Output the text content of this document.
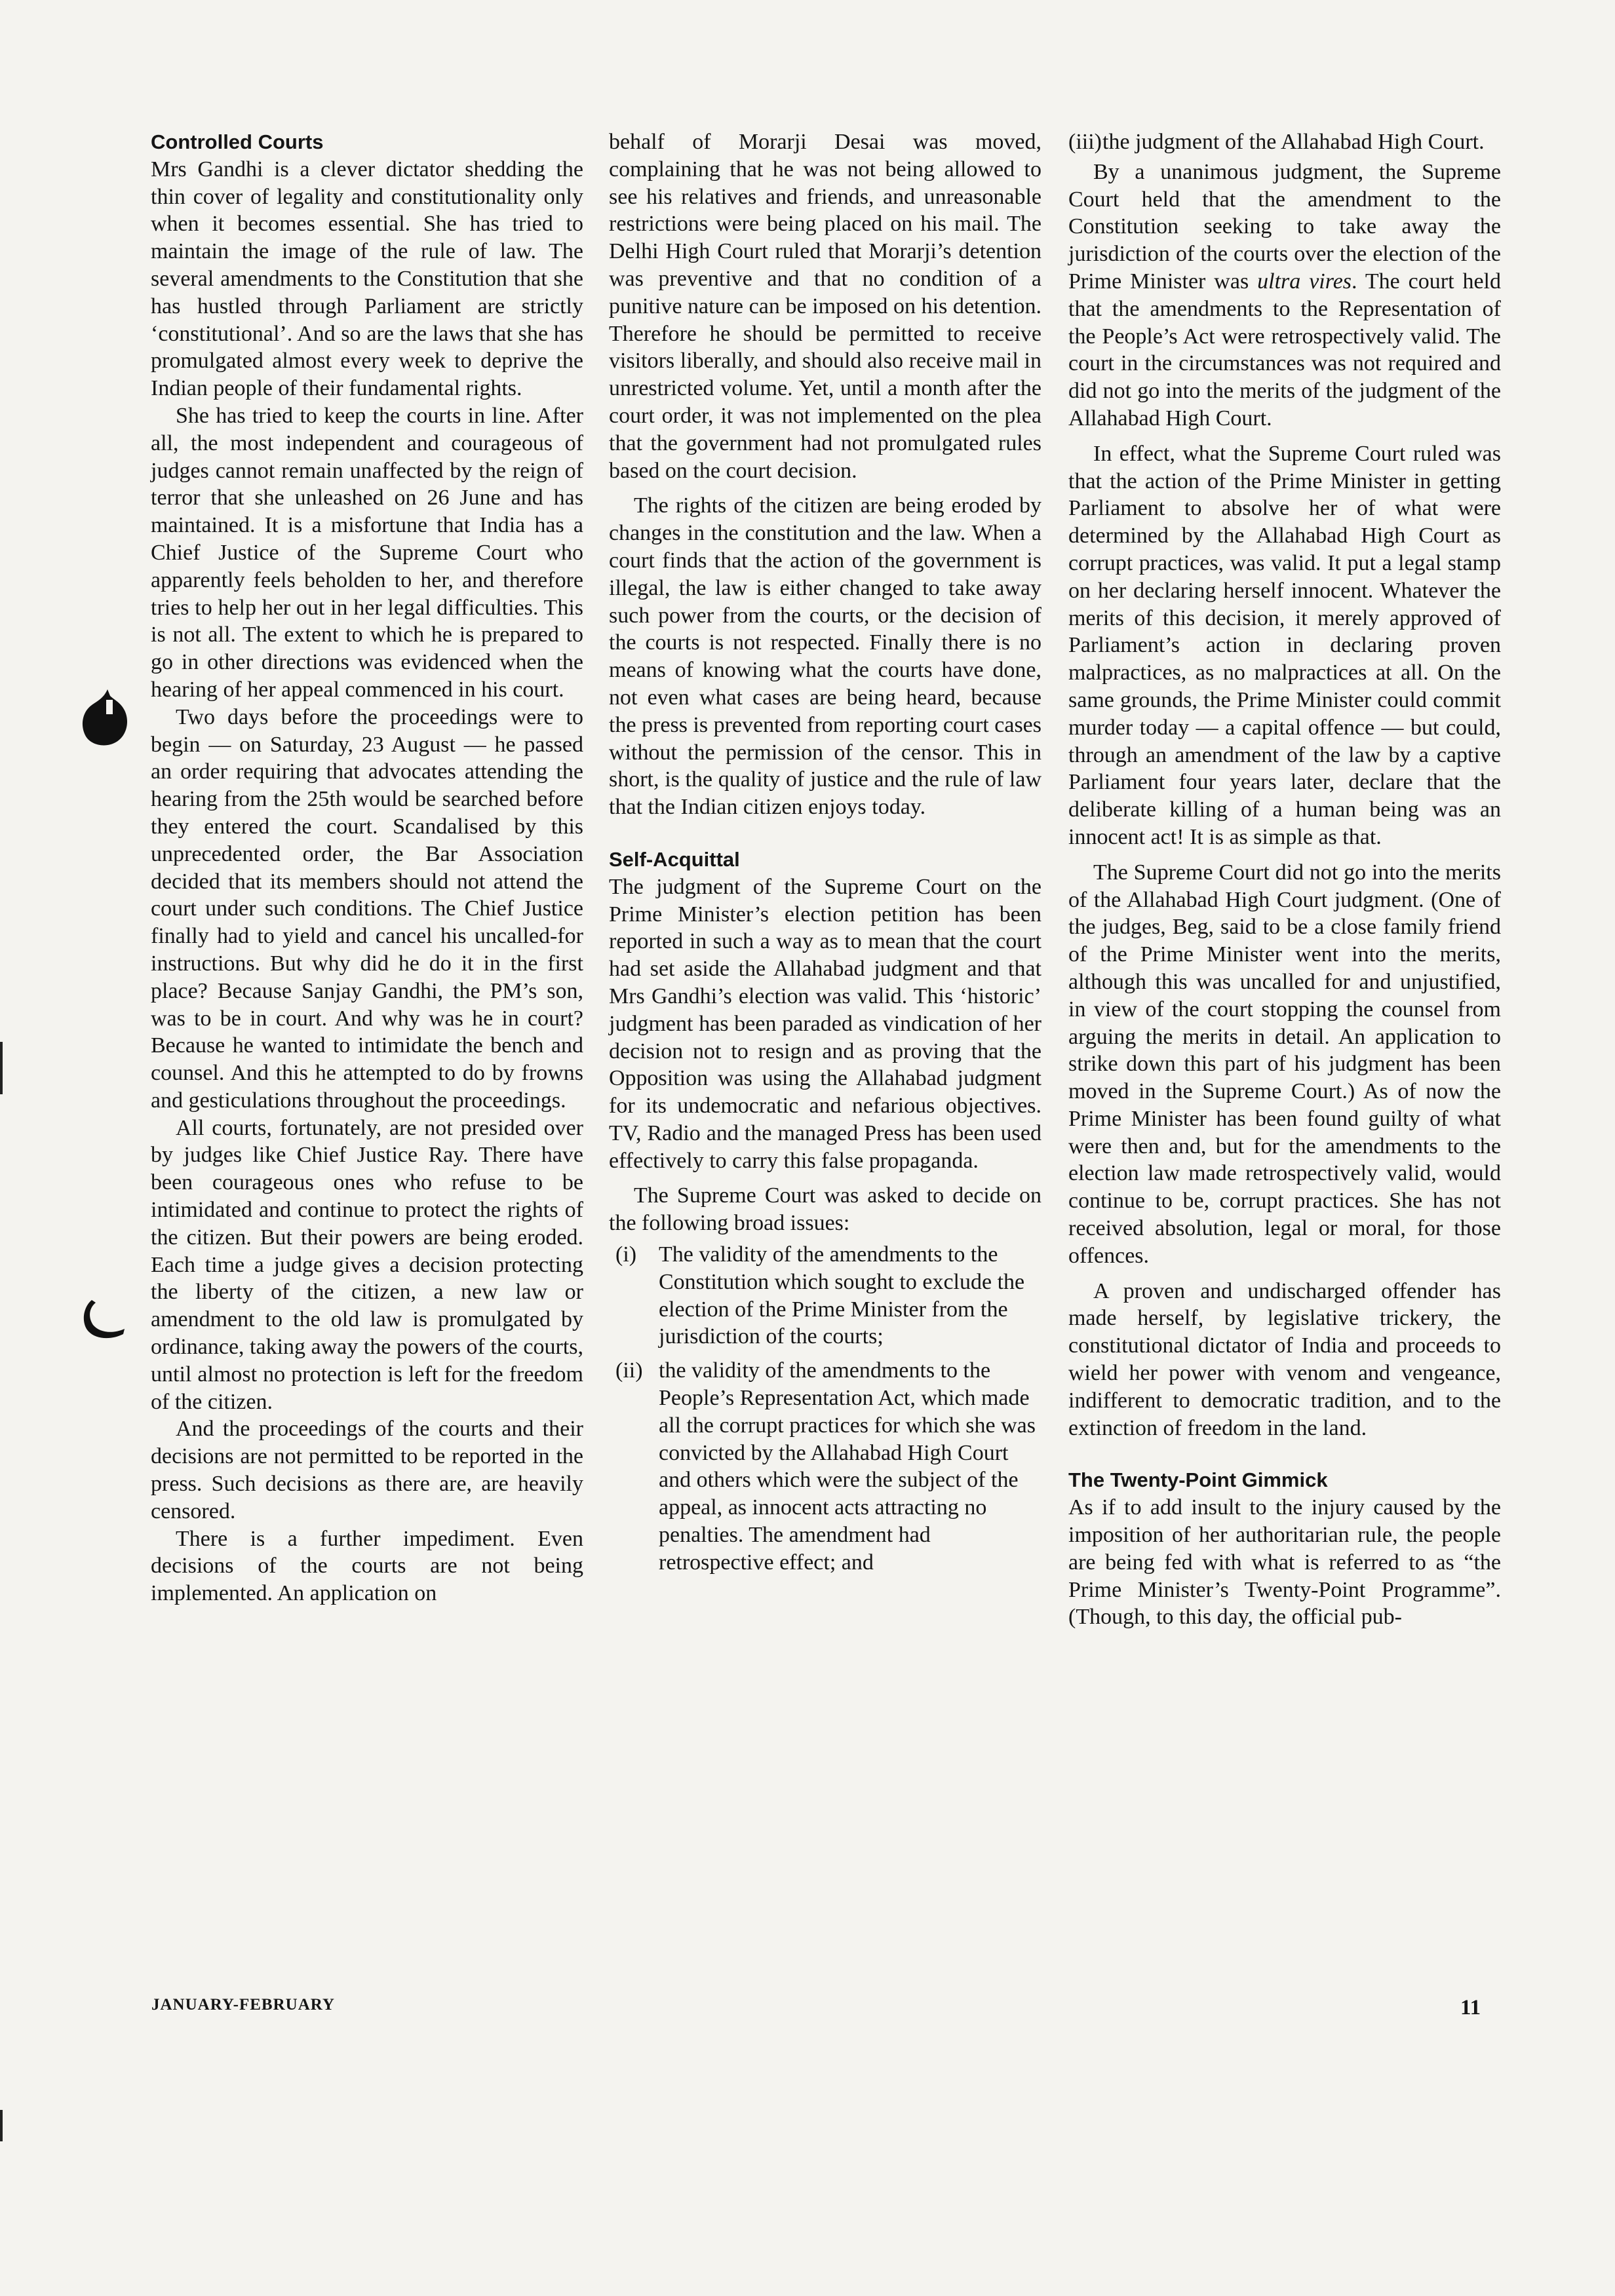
Controlled Courts

Mrs Gandhi is a clever dictator shedding the thin cover of legality and constitutionality only when it becomes essential. She has tried to maintain the image of the rule of law. The several amendments to the Constitution that she has hustled through Parliament are strictly ‘constitutional’. And so are the laws that she has promulgated almost every week to deprive the Indian people of their fundamental rights.

She has tried to keep the courts in line. After all, the most independent and courageous of judges cannot remain unaffected by the reign of terror that she unleashed on 26 June and has maintained. It is a misfortune that India has a Chief Justice of the Supreme Court who apparently feels beholden to her, and therefore tries to help her out in her legal difficulties. This is not all. The extent to which he is prepared to go in other directions was evidenced when the hearing of her appeal commenced in his court.

Two days before the proceedings were to begin — on Saturday, 23 August — he passed an order requiring that advocates attending the hearing from the 25th would be searched before they entered the court. Scandalised by this unprecedented order, the Bar Association decided that its members should not attend the court under such conditions. The Chief Justice finally had to yield and cancel his uncalled-for instructions. But why did he do it in the first place? Because Sanjay Gandhi, the PM’s son, was to be in court. And why was he in court? Because he wanted to intimidate the bench and counsel. And this he attempted to do by frowns and gesticulations throughout the proceedings.

All courts, fortunately, are not presided over by judges like Chief Justice Ray. There have been courageous ones who refuse to be intimidated and continue to protect the rights of the citizen. But their powers are being eroded. Each time a judge gives a decision protecting the liberty of the citizen, a new law or amendment to the old law is promulgated by ordinance, taking away the powers of the courts, until almost no protection is left for the freedom of the citizen.

And the proceedings of the courts and their decisions are not permitted to be reported in the press. Such decisions as there are, are heavily censored.

There is a further impediment. Even decisions of the courts are not being implemented. An application on

behalf of Morarji Desai was moved, complaining that he was not being allowed to see his relatives and friends, and unreasonable restrictions were being placed on his mail. The Delhi High Court ruled that Morarji’s detention was preventive and that no condition of a punitive nature can be imposed on his detention. Therefore he should be permitted to receive visitors liberally, and should also receive mail in unrestricted volume. Yet, until a month after the court order, it was not implemented on the plea that the government had not promulgated rules based on the court decision.

The rights of the citizen are being eroded by changes in the constitution and the law. When a court finds that the action of the government is illegal, the law is either changed to take away such power from the courts, or the decision of the courts is not respected. Finally there is no means of knowing what the courts have done, not even what cases are being heard, because the press is prevented from reporting court cases without the permission of the censor. This in short, is the quality of justice and the rule of law that the Indian citizen enjoys today.

Self-Acquittal

The judgment of the Supreme Court on the Prime Minister’s election petition has been reported in such a way as to mean that the court had set aside the Allahabad judgment and that Mrs Gandhi’s election was valid. This ‘historic’ judgment has been paraded as vindication of her decision not to resign and as proving that the Opposition was using the Allahabad judgment for its undemocratic and nefarious objectives. TV, Radio and the managed Press has been used effectively to carry this false propaganda.

The Supreme Court was asked to decide on the following broad issues:

(i) The validity of the amendments to the Constitution which sought to exclude the election of the Prime Minister from the jurisdiction of the courts;
(ii) the validity of the amendments to the People’s Representation Act, which made all the corrupt practices for which she was convicted by the Allahabad High Court and others which were the subject of the appeal, as innocent acts attracting no penalties. The amendment had retrospective effect; and
(iii) the judgment of the Allahabad High Court.

By a unanimous judgment, the Supreme Court held that the amendment to the Constitution seeking to take away the jurisdiction of the courts over the election of the Prime Minister was ultra vires. The court held that the amendments to the Representation of the People’s Act were retrospectively valid. The court in the circumstances was not required and did not go into the merits of the judgment of the Allahabad High Court.

In effect, what the Supreme Court ruled was that the action of the Prime Minister in getting Parliament to absolve her of what were determined by the Allahabad High Court as corrupt practices, was valid. It put a legal stamp on her declaring herself innocent. Whatever the merits of this decision, it merely approved of Parliament’s action in declaring proven malpractices, as no malpractices at all. On the same grounds, the Prime Minister could commit murder today — a capital offence — but could, through an amendment of the law by a captive Parliament four years later, declare that the deliberate killing of a human being was an innocent act! It is as simple as that.

The Supreme Court did not go into the merits of the Allahabad High Court judgment. (One of the judges, Beg, said to be a close family friend of the Prime Minister went into the merits, although this was uncalled for and unjustified, in view of the court stopping the counsel from arguing the merits in detail. An application to strike down this part of his judgment has been moved in the Supreme Court.) As of now the Prime Minister has been found guilty of what were then and, but for the amendments to the election law made retrospectively valid, would continue to be, corrupt practices. She has not received absolution, legal or moral, for those offences.

A proven and undischarged offender has made herself, by legislative trickery, the constitutional dictator of India and proceeds to wield her power with venom and vengeance, indifferent to democratic tradition, and to the extinction of freedom in the land.

The Twenty-Point Gimmick

As if to add insult to the injury caused by the imposition of her authoritarian rule, the people are being fed with what is referred to as “the Prime Minister’s Twenty-Point Programme”. (Though, to this day, the official pub-

JANUARY-FEBRUARY	11
